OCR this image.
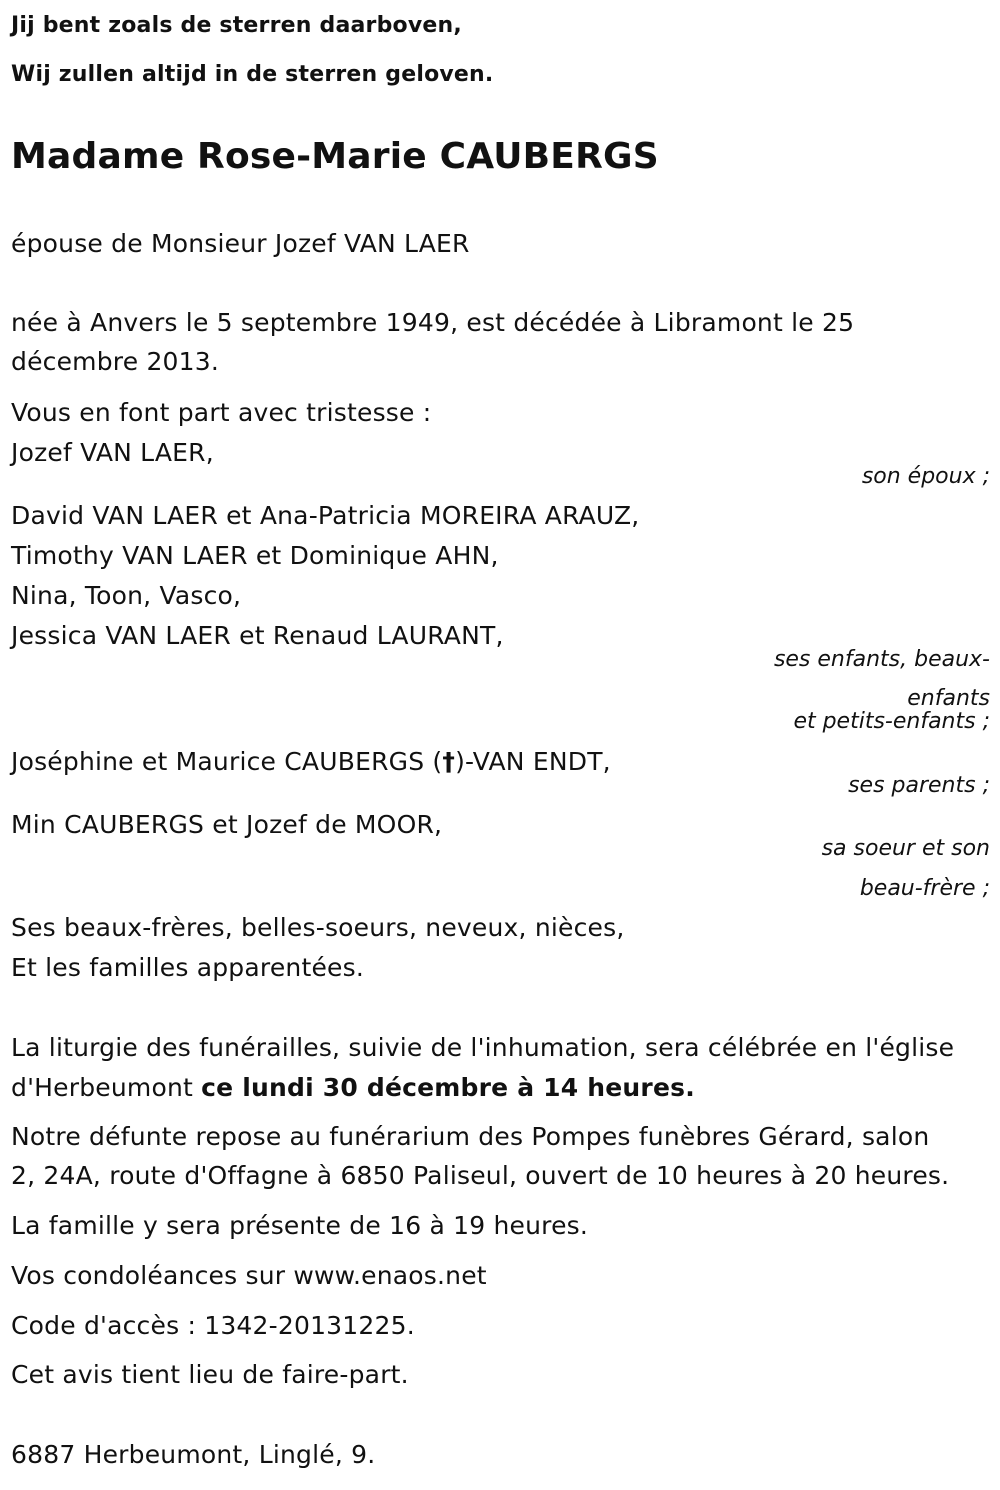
Jij bent zoals de sterren daarboven,
Wij zullen altijd in de sterren geloven.
Madame Rose-Marie CAUBERGS
épouse de Monsieur Jozef VAN LAER
née à Anvers le 5 septembre 1949, est décédée à Libramont le 25
décembre 2013.
Vous en font part avec tristesse :
Jozef VAN LAER,
son époux ;
David VAN LAER et Ana-Patricia MOREIRA ARAUZ,
Timothy VAN LAER et Dominique AHN,
Nina, Toon, Vasco,
Jessica VAN LAER et Renaud LAURANT,
ses enfants, beaux-
enfants
et petits-enfants ;
Joséphine et Maurice CAUBERGS (†)-VAN ENDT,
ses parents ;
Min CAUBERGS et Jozef de MOOR,
sa soeur et son
beau-frère ;
Ses beaux-frères, belles-soeurs, neveux, nièces,
Et les familles apparentées.
La liturgie des funérailles, suivie de l'inhumation, sera célébrée en l'église
d'Herbeumont ce lundi 30 décembre à 14 heures.
Notre défunte repose au funérarium des Pompes funèbres Gérard, salon
2, 24A, route d'Offagne à 6850 Paliseul, ouvert de 10 heures à 20 heures.
La famille y sera présente de 16 à 19 heures.
Vos condoléances sur www.enaos.net
Code d'accès : 1342-20131225.
Cet avis tient lieu de faire-part.
6887 Herbeumont, Linglé, 9.
